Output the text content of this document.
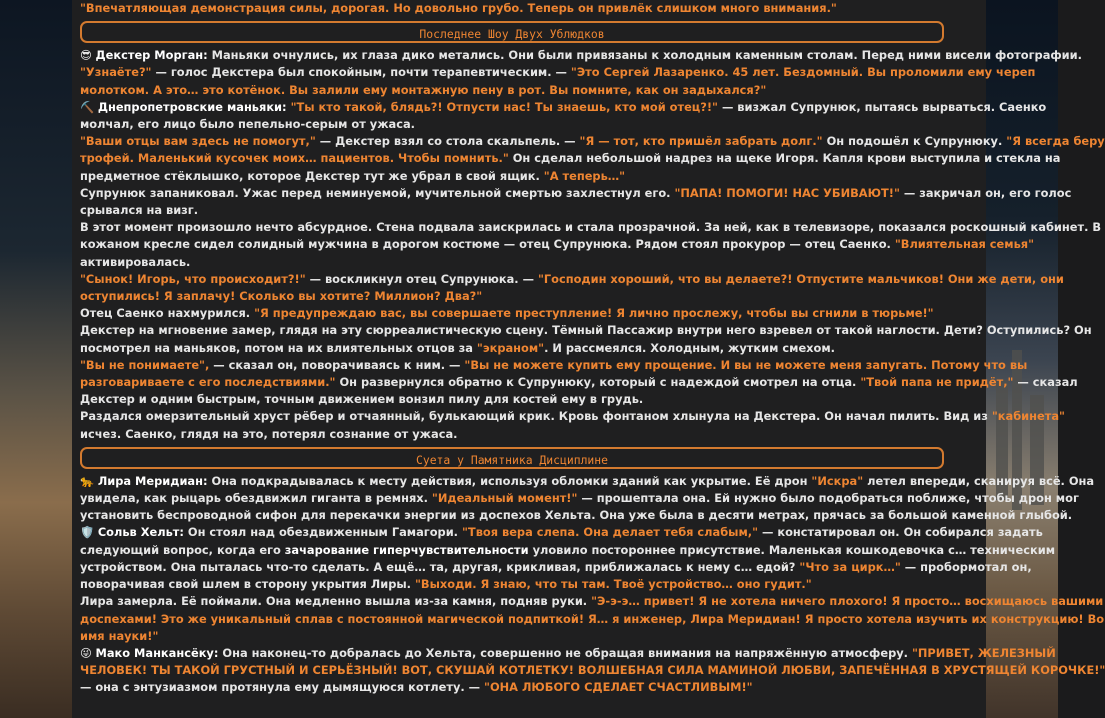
"Впечатляющая демонстрация силы, дорогая. Но довольно грубо. Теперь он привлёк слишком много внимания."
Последнее Шоу Двух Ублюдков
😎 Декстер Морган: Маньяки очнулись, их глаза дико метались. Они были привязаны к холодным каменным столам. Перед ними висели фотографии.
"Узнаёте?" — голос Декстера был спокойным, почти терапевтическим. — "Это Сергей Лазаренко. 45 лет. Бездомный. Вы проломили ему череп
молотком. А это… это котёнок. Вы залили ему монтажную пену в рот. Вы помните, как он задыхался?"
⛏️ Днепропетровские маньяки: "Ты кто такой, блядь?! Отпусти нас! Ты знаешь, кто мой отец?!" — визжал Супрунюк, пытаясь вырваться. Саенко
молчал, его лицо было пепельно-серым от ужаса.
"Ваши отцы вам здесь не помогут," — Декстер взял со стола скальпель. — "Я — тот, кто пришёл забрать долг." Он подошёл к Супрунюку. "Я всегда беру
трофей. Маленький кусочек моих… пациентов. Чтобы помнить." Он сделал небольшой надрез на щеке Игоря. Капля крови выступила и стекла на
предметное стёклышко, которое Декстер тут же убрал в свой ящик. "А теперь…"
Супрунюк запаниковал. Ужас перед неминуемой, мучительной смертью захлестнул его. "ПАПА! ПОМОГИ! НАС УБИВАЮТ!" — закричал он, его голос
срывался на визг.
В этот момент произошло нечто абсурдное. Стена подвала заискрилась и стала прозрачной. За ней, как в телевизоре, показался роскошный кабинет. В
кожаном кресле сидел солидный мужчина в дорогом костюме — отец Супрунюка. Рядом стоял прокурор — отец Саенко. "Влиятельная семья"
активировалась.
"Сынок! Игорь, что происходит?!" — воскликнул отец Супрунюка. — "Господин хороший, что вы делаете?! Отпустите мальчиков! Они же дети, они
оступились! Я заплачу! Сколько вы хотите? Миллион? Два?"
Отец Саенко нахмурился. "Я предупреждаю вас, вы совершаете преступление! Я лично прослежу, чтобы вы сгнили в тюрьме!"
Декстер на мгновение замер, глядя на эту сюрреалистическую сцену. Тёмный Пассажир внутри него взревел от такой наглости. Дети? Оступились? Он
посмотрел на маньяков, потом на их влиятельных отцов за "экраном". И рассмеялся. Холодным, жутким смехом.
"Вы не понимаете", — сказал он, поворачиваясь к ним. — "Вы не можете купить ему прощение. И вы не можете меня запугать. Потому что вы
разговариваете с его последствиями." Он развернулся обратно к Супрунюку, который с надеждой смотрел на отца. "Твой папа не придёт," — сказал
Декстер и одним быстрым, точным движением вонзил пилу для костей ему в грудь.
Раздался омерзительный хруст рёбер и отчаянный, булькающий крик. Кровь фонтаном хлынула на Декстера. Он начал пилить. Вид из "кабинета"
исчез. Саенко, глядя на это, потерял сознание от ужаса.
Суета у Памятника Дисциплине
🐆 Лира Меридиан: Она подкрадывалась к месту действия, используя обломки зданий как укрытие. Её дрон "Искра" летел впереди, сканируя всё. Она
увидела, как рыцарь обездвижил гиганта в ремнях. "Идеальный момент!" — прошептала она. Ей нужно было подобраться поближе, чтобы дрон мог
установить беспроводной сифон для перекачки энергии из доспехов Хельта. Она уже была в десяти метрах, прячась за большой каменной глыбой.
🛡️ Сольв Хельт: Он стоял над обездвиженным Гамагори. "Твоя вера слепа. Она делает тебя слабым," — констатировал он. Он собирался задать
следующий вопрос, когда его зачарование гиперчувствительности уловило постороннее присутствие. Маленькая кошкодевочка с… техническим
устройством. Она пыталась что-то сделать. А ещё… та, другая, крикливая, приближалась к нему с… едой? "Что за цирк…" — пробормотал он,
поворачивая свой шлем в сторону укрытия Лиры. "Выходи. Я знаю, что ты там. Твоё устройство… оно гудит."
Лира замерла. Её поймали. Она медленно вышла из-за камня, подняв руки. "Э-э-э… привет! Я не хотела ничего плохого! Я просто… восхищаюсь вашими
доспехами! Это же уникальный сплав с постоянной магической подпиткой! Я… я инженер, Лира Меридиан! Я просто хотела изучить их конструкцию! Во
имя науки!"
😜 Мако Манкансёку: Она наконец-то добралась до Хельта, совершенно не обращая внимания на напряжённую атмосферу. "ПРИВЕТ, ЖЕЛЕЗНЫЙ
ЧЕЛОВЕК! ТЫ ТАКОЙ ГРУСТНЫЙ И СЕРЬЁЗНЫЙ! ВОТ, СКУШАЙ КОТЛЕТКУ! ВОЛШЕБНАЯ СИЛА МАМИНОЙ ЛЮБВИ, ЗАПЕЧЁННАЯ В ХРУСТЯЩЕЙ КОРОЧКЕ!"
— она с энтузиазмом протянула ему дымящуюся котлету. — "ОНА ЛЮБОГО СДЕЛАЕТ СЧАСТЛИВЫМ!"
